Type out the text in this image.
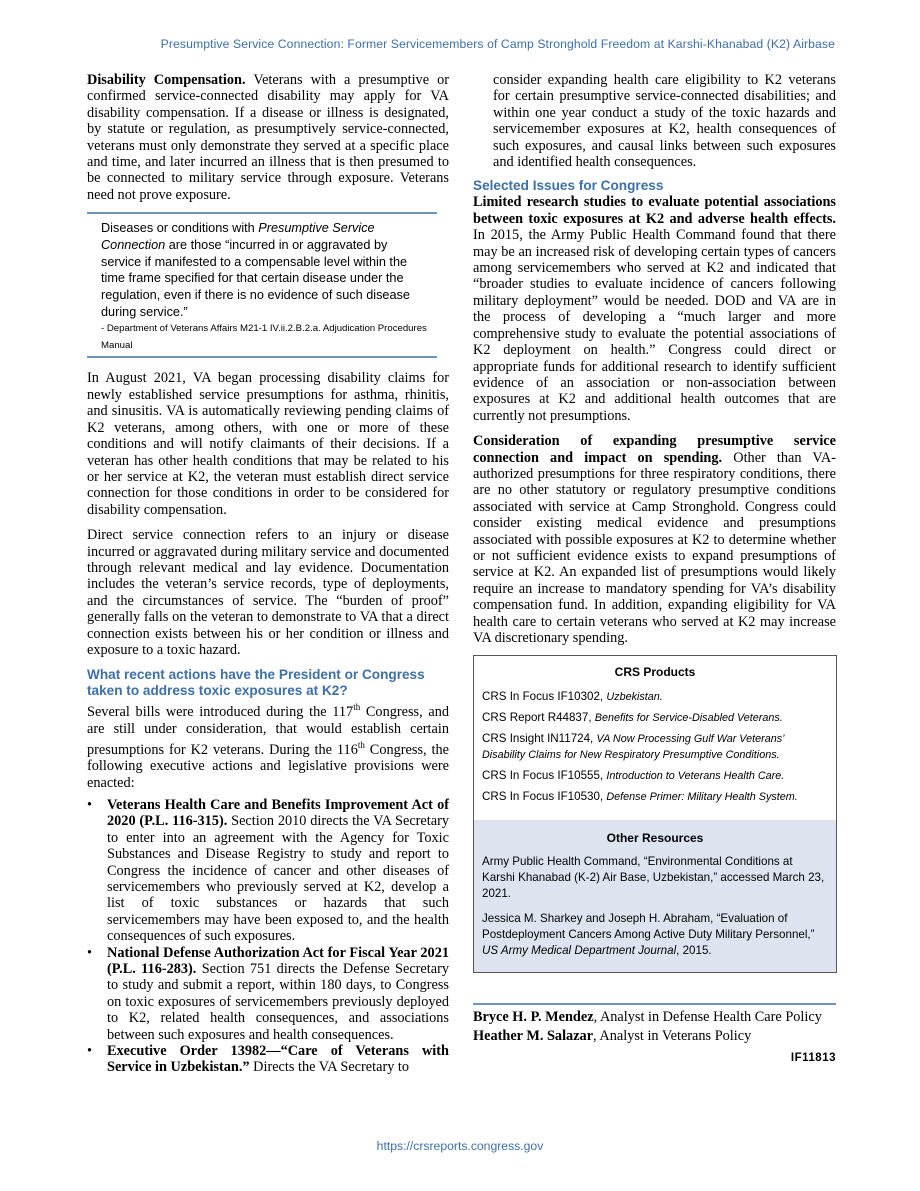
Presumptive Service Connection: Former Servicemembers of Camp Stronghold Freedom at Karshi-Khanabad (K2) Airbase

Disability Compensation. Veterans with a presumptive or confirmed service-connected disability may apply for VA disability compensation. If a disease or illness is designated, by statute or regulation, as presumptively service-connected, veterans must only demonstrate they served at a specific place and time, and later incurred an illness that is then presumed to be connected to military service through exposure. Veterans need not prove exposure.

Diseases or conditions with Presumptive Service Connection are those “incurred in or aggravated by service if manifested to a compensable level within the time frame specified for that certain disease under the regulation, even if there is no evidence of such disease during service.”
- Department of Veterans Affairs M21-1 IV.ii.2.B.2.a. Adjudication Procedures Manual

In August 2021, VA began processing disability claims for newly established service presumptions for asthma, rhinitis, and sinusitis. VA is automatically reviewing pending claims of K2 veterans, among others, with one or more of these conditions and will notify claimants of their decisions. If a veteran has other health conditions that may be related to his or her service at K2, the veteran must establish direct service connection for those conditions in order to be considered for disability compensation.

Direct service connection refers to an injury or disease incurred or aggravated during military service and documented through relevant medical and lay evidence. Documentation includes the veteran’s service records, type of deployments, and the circumstances of service. The “burden of proof” generally falls on the veteran to demonstrate to VA that a direct connection exists between his or her condition or illness and exposure to a toxic hazard.

What recent actions have the President or Congress taken to address toxic exposures at K2?

Several bills were introduced during the 117th Congress, and are still under consideration, that would establish certain presumptions for K2 veterans. During the 116th Congress, the following executive actions and legislative provisions were enacted:

• Veterans Health Care and Benefits Improvement Act of 2020 (P.L. 116-315). Section 2010 directs the VA Secretary to enter into an agreement with the Agency for Toxic Substances and Disease Registry to study and report to Congress the incidence of cancer and other diseases of servicemembers who previously served at K2, develop a list of toxic substances or hazards that such servicemembers may have been exposed to, and the health consequences of such exposures.
• National Defense Authorization Act for Fiscal Year 2021 (P.L. 116-283). Section 751 directs the Defense Secretary to study and submit a report, within 180 days, to Congress on toxic exposures of servicemembers previously deployed to K2, related health consequences, and associations between such exposures and health consequences.
• Executive Order 13982—“Care of Veterans with Service in Uzbekistan.” Directs the VA Secretary to
consider expanding health care eligibility to K2 veterans for certain presumptive service-connected disabilities; and within one year conduct a study of the toxic hazards and servicemember exposures at K2, health consequences of such exposures, and causal links between such exposures and identified health consequences.
Selected Issues for Congress

Limited research studies to evaluate potential associations between toxic exposures at K2 and adverse health effects. In 2015, the Army Public Health Command found that there may be an increased risk of developing certain types of cancers among servicemembers who served at K2 and indicated that “broader studies to evaluate incidence of cancers following military deployment” would be needed. DOD and VA are in the process of developing a “much larger and more comprehensive study to evaluate the potential associations of K2 deployment on health.” Congress could direct or appropriate funds for additional research to identify sufficient evidence of an association or non-association between exposures at K2 and additional health outcomes that are currently not presumptions.

Consideration of expanding presumptive service connection and impact on spending. Other than VA-authorized presumptions for three respiratory conditions, there are no other statutory or regulatory presumptive conditions associated with service at Camp Stronghold. Congress could consider existing medical evidence and presumptions associated with possible exposures at K2 to determine whether or not sufficient evidence exists to expand presumptions of service at K2. An expanded list of presumptions would likely require an increase to mandatory spending for VA’s disability compensation fund. In addition, expanding eligibility for VA health care to certain veterans who served at K2 may increase VA discretionary spending.

CRS Products
CRS In Focus IF10302, Uzbekistan.
CRS Report R44837, Benefits for Service-Disabled Veterans.
CRS Insight IN11724, VA Now Processing Gulf War Veterans’ Disability Claims for New Respiratory Presumptive Conditions.
CRS In Focus IF10555, Introduction to Veterans Health Care.
CRS In Focus IF10530, Defense Primer: Military Health System.
Other Resources
Army Public Health Command, “Environmental Conditions at Karshi Khanabad (K-2) Air Base, Uzbekistan,” accessed March 23, 2021.
Jessica M. Sharkey and Joseph H. Abraham, “Evaluation of Postdeployment Cancers Among Active Duty Military Personnel,” US Army Medical Department Journal, 2015.

Bryce H. P. Mendez, Analyst in Defense Health Care Policy

Heather M. Salazar, Analyst in Veterans Policy

IF11813
https://crsreports.congress.gov
